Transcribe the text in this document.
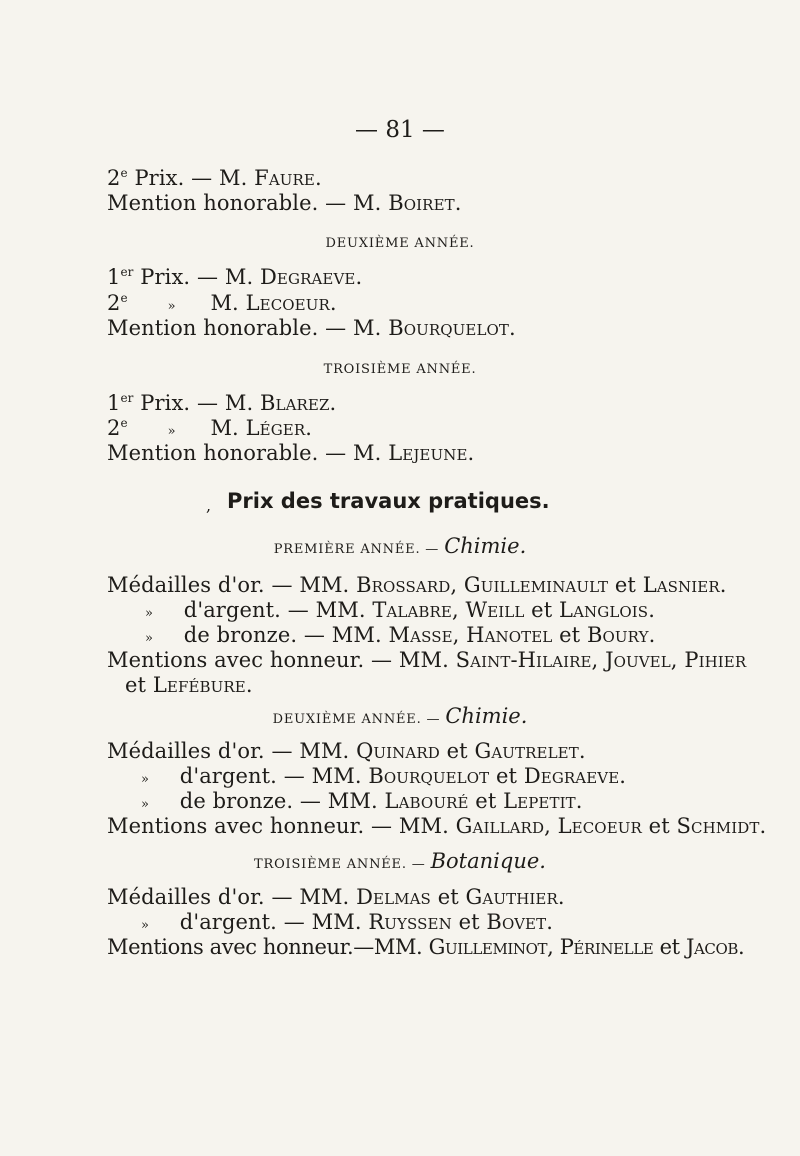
— 81 —
2e Prix. — M. Faure.
Mention honorable. — M. Boiret.
DEUXIÈME ANNÉE.
1er Prix. — M. Degraeve.
2e» M. Lecoeur.
Mention honorable. — M. Bourquelot.
TROISIÈME ANNÉE.
1er Prix. — M. Blarez.
2e» M. Léger.
Mention honorable. — M. Lejeune.
, Prix des travaux pratiques.
PREMIÈRE ANNÉE. — Chimie.
Médailles d'or. — MM. Brossard, Guilleminault et Lasnier.
» d'argent. — MM. Talabre, Weill et Langlois.
» de bronze. — MM. Masse, Hanotel et Boury.
Mentions avec honneur. — MM. Saint-Hilaire, Jouvel, Pihier
et Lefébure.
DEUXIÈME ANNÉE. — Chimie.
Médailles d'or. — MM. Quinard et Gautrelet.
» d'argent. — MM. Bourquelot et Degraeve.
» de bronze. — MM. Labouré et Lepetit.
Mentions avec honneur. — MM. Gaillard, Lecoeur et Schmidt.
TROISIÈME ANNÉE. — Botanique.
Médailles d'or. — MM. Delmas et Gauthier.
» d'argent. — MM. Ruyssen et Bovet.
Mentions avec honneur.—MM. Guilleminot, Périnelle et Jacob.
